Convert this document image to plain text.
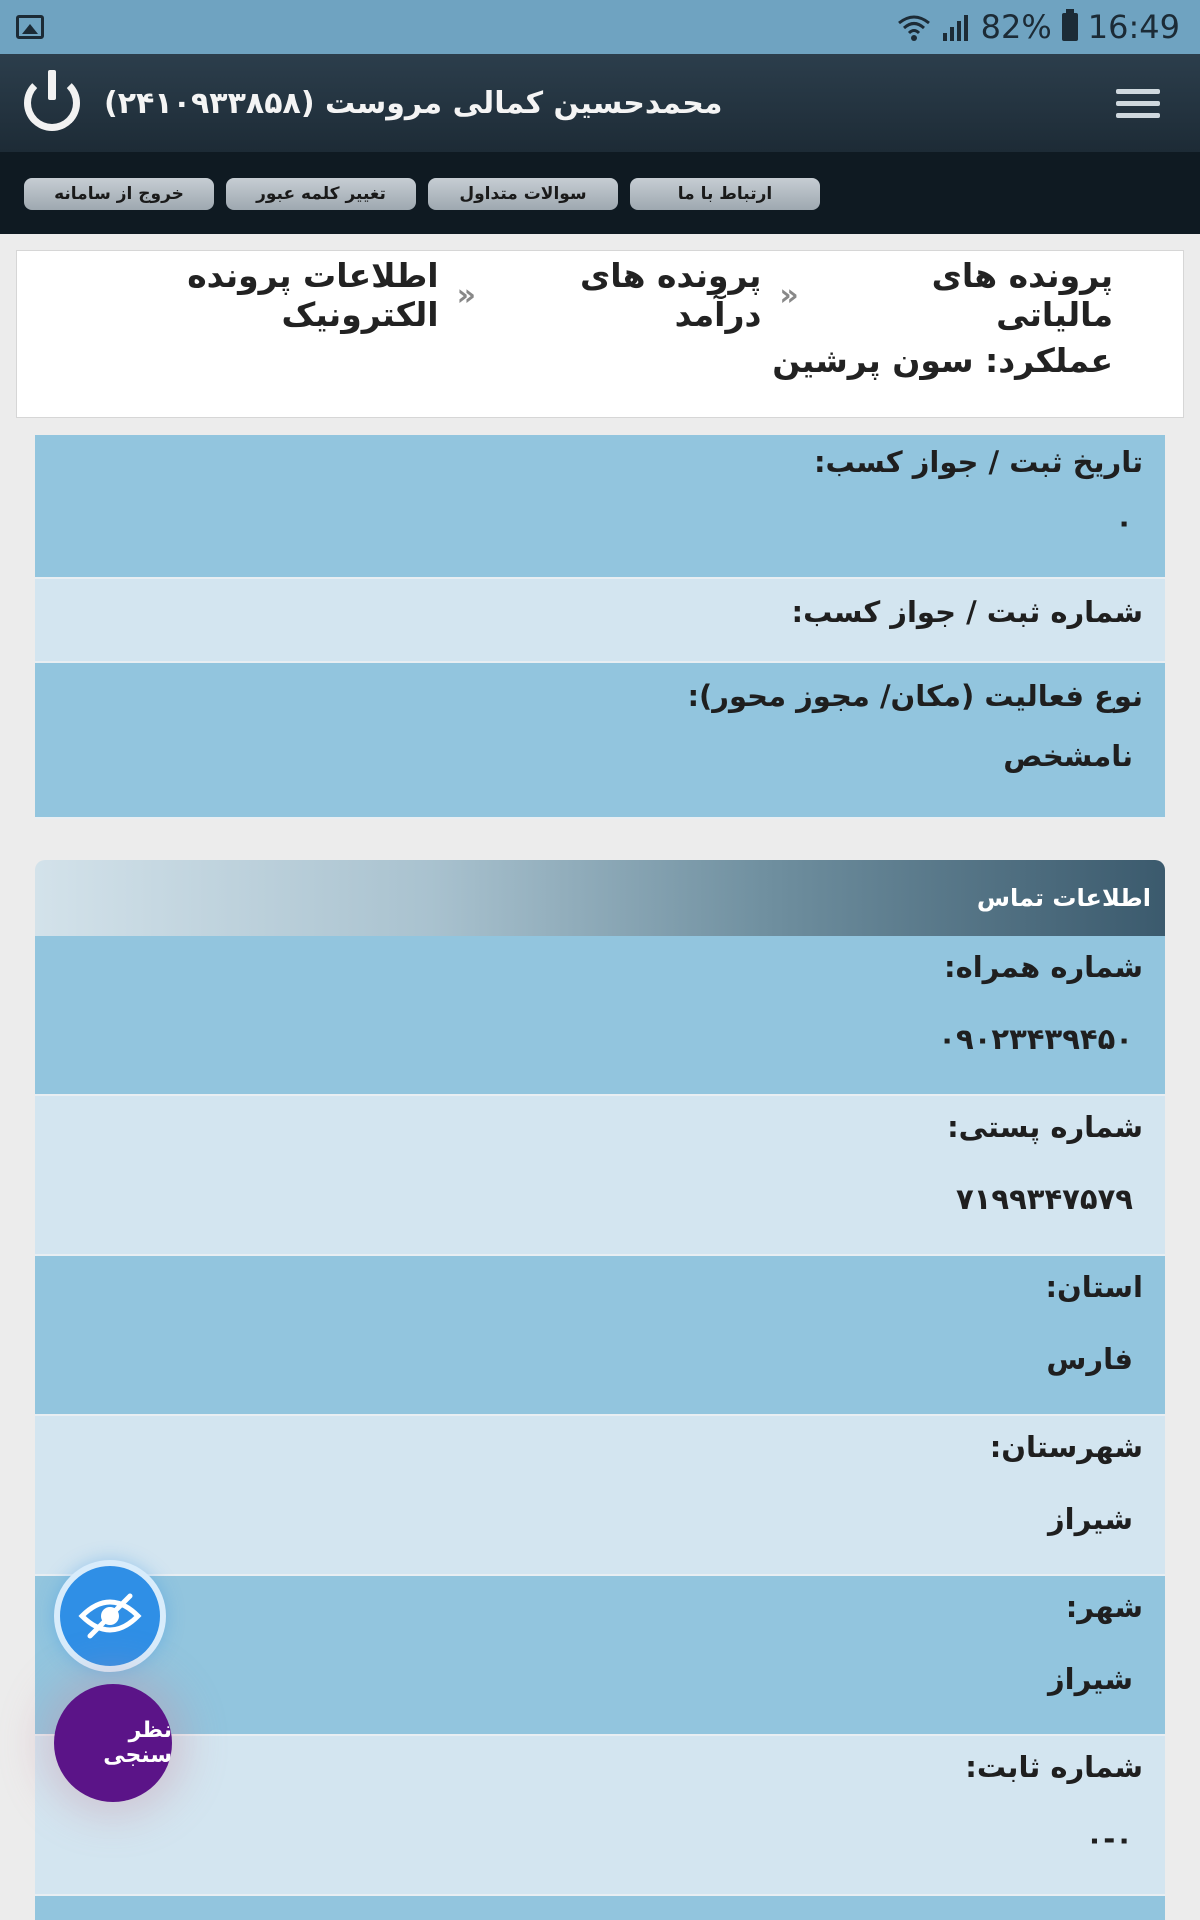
82% 16:49
محمدحسین کمالی مروست (۲۴۱۰۹۳۳۸۵۸)
خروج از سامانه	تغییر کلمه عبور	سوالات متداول	ارتباط با ما
پرونده های مالیاتی
«
پرونده های درآمد
«
اطلاعات پرونده الکترونیک
عملکرد: سون پرشین
تاریخ ثبت / جواز کسب:
۰
شماره ثبت / جواز کسب:
نوع فعالیت (مکان/ مجوز محور):
نامشخص
اطلاعات تماس
شماره همراه:
۰۹۰۲۳۴۳۹۴۵۰
شماره پستی:
۷۱۹۹۳۴۷۵۷۹
استان:
فارس
شهرستان:
شیراز
شهر:
شیراز
شماره ثابت:
۰-۰
نظر سنجی
